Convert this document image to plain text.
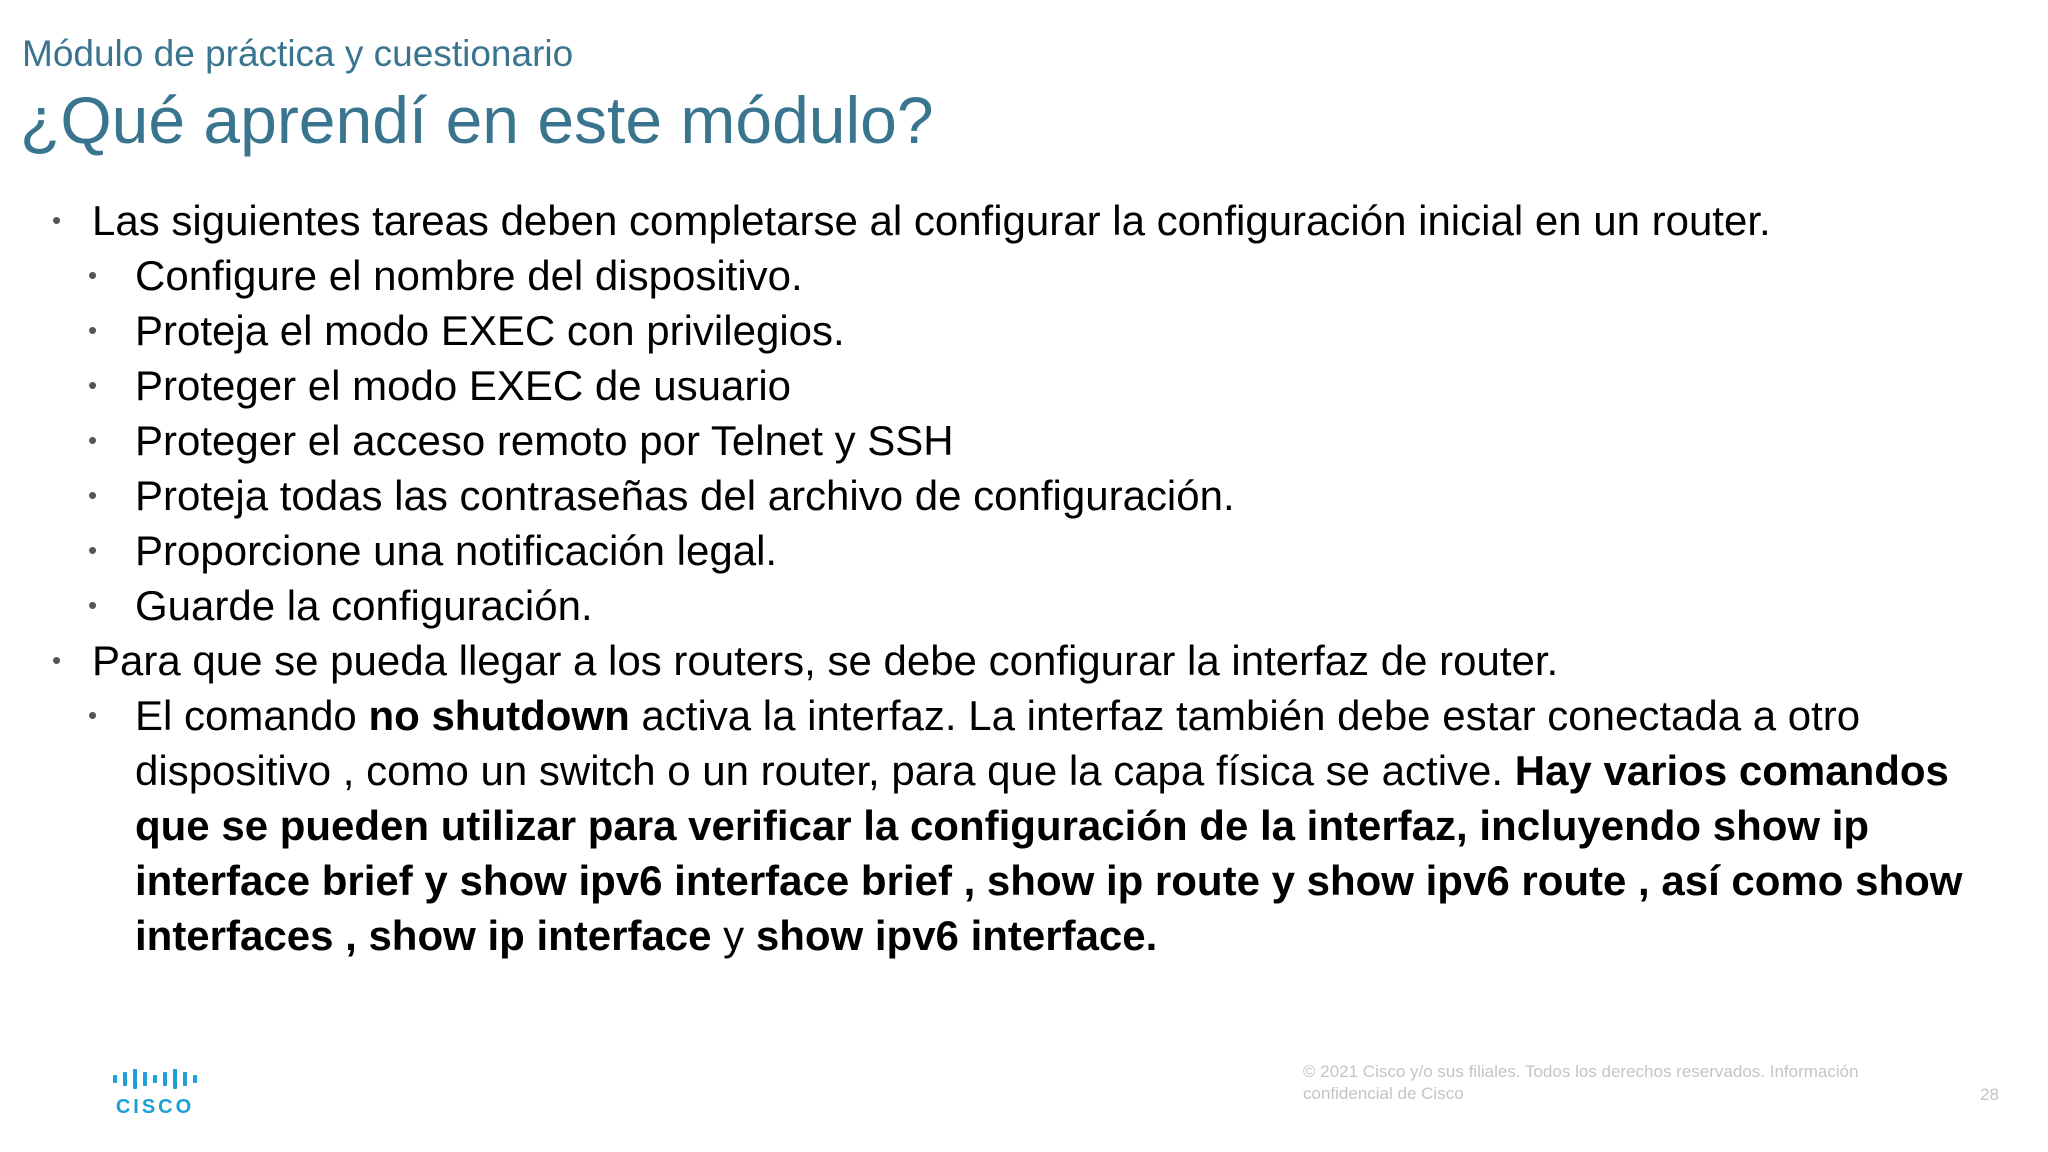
Módulo de práctica y cuestionario
¿Qué aprendí en este módulo?
• Las siguientes tareas deben completarse al configurar la configuración inicial en un router.
• Configure el nombre del dispositivo.
• Proteja el modo EXEC con privilegios.
• Proteger el modo EXEC de usuario
• Proteger el acceso remoto por Telnet y SSH
• Proteja todas las contraseñas del archivo de configuración.
• Proporcione una notificación legal.
• Guarde la configuración.
• Para que se pueda llegar a los routers, se debe configurar la interfaz de router.
• El comando no shutdown activa la interfaz. La interfaz también debe estar conectada a otro dispositivo , como un switch o un router, para que la capa física se active. Hay varios comandos que se pueden utilizar para verificar la configuración de la interfaz, incluyendo show ip interface brief y show ipv6 interface brief , show ip route y show ipv6 route , así como show interfaces , show ip interface y show ipv6 interface.
CISCO
© 2021 Cisco y/o sus filiales. Todos los derechos reservados. Información confidencial de Cisco	28
